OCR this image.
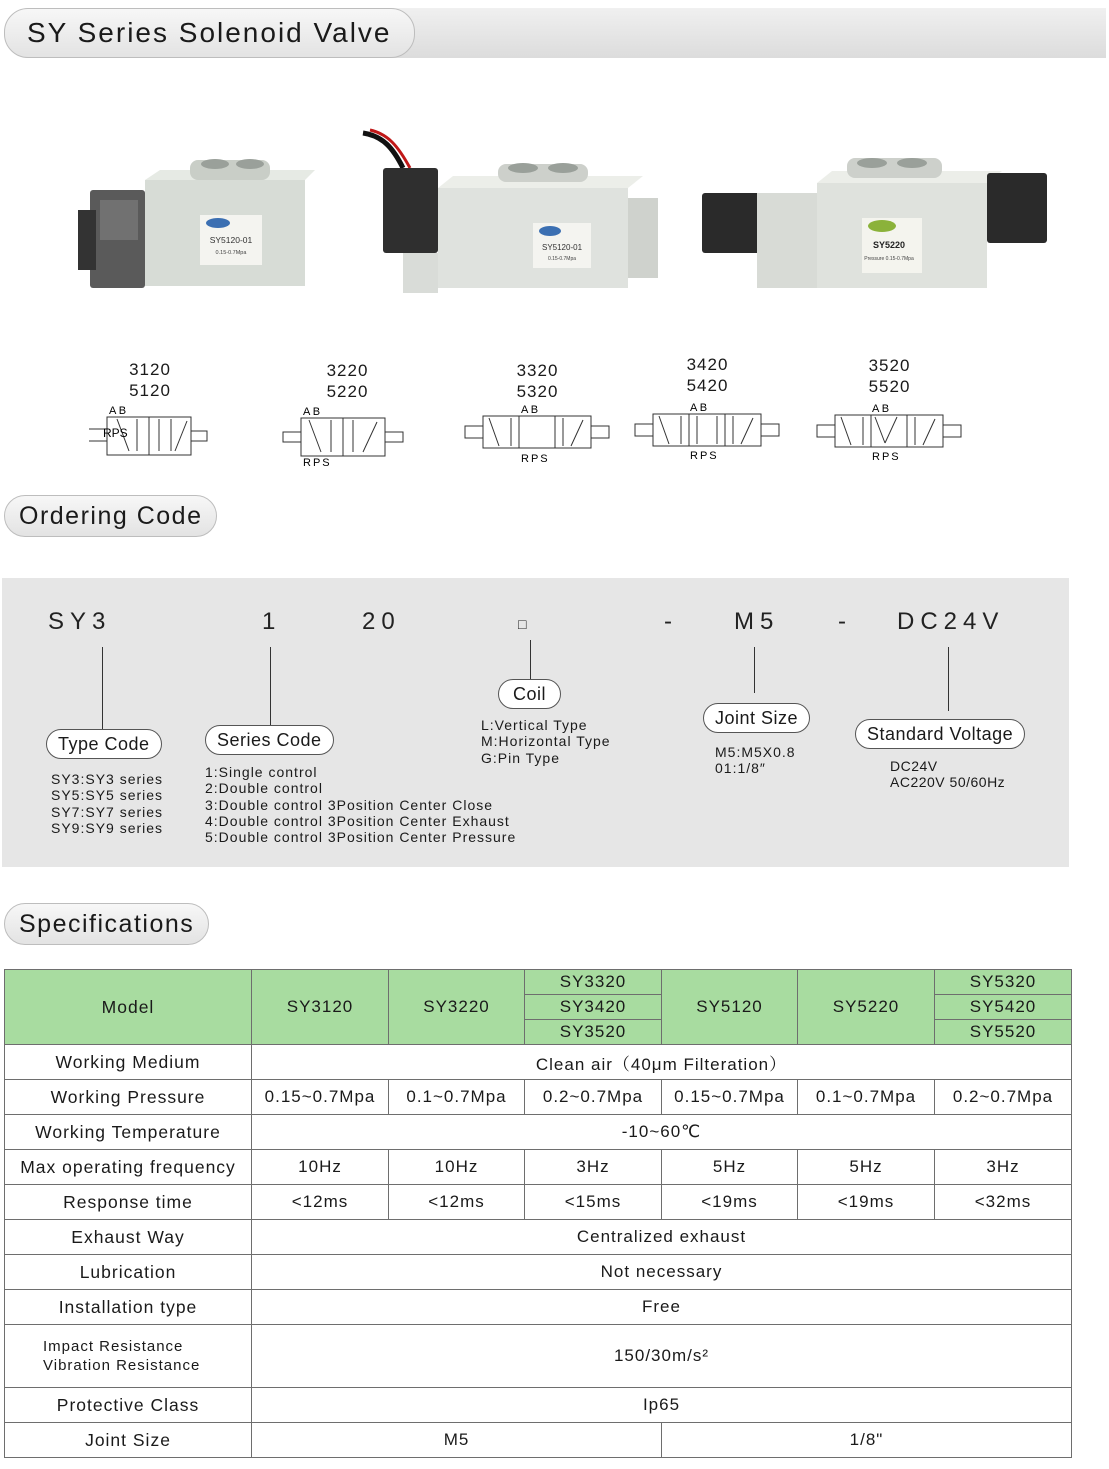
SY Series Solenoid Valve
SY5120-01
0.15-0.7Mpa
SY5120-01
0.15-0.7Mpa
SY5220
Pressure 0.15-0.7Mpa
3120
5120
A B
RPS
3220
5220
A B
RPS
3320
5320
A B
RPS
3420
5420
A B
RPS
3520
5520
A B
RPS
Ordering Code
SY3	1	20	□	- M5 - DC24V
Type Code	Series Code
Coil
Joint Size
Standard Voltage
SY3:SY3 series
SY5:SY5 series
SY7:SY7 series
SY9:SY9 series
1:Single control
2:Double control
3:Double control 3Position Center Close
4:Double control 3Position Center Exhaust
5:Double control 3Position Center Pressure
L:Vertical Type
M:Horizontal Type
G:Pin Type	M5:M5X0.8
01:1/8″	DC24V
AC220V 50/60Hz
Specifications
Model	SY3120	SY3220	SY3320	SY5120	SY5220	SY5320
			SY3420			SY5420
			SY3520			SY5520
Working Medium	Clean air（40μm Filteration）					
Working Pressure	0.15~0.7Mpa	0.1~0.7Mpa	0.2~0.7Mpa	0.15~0.7Mpa	0.1~0.7Mpa	0.2~0.7Mpa
Working Temperature	-10~60℃					
Max operating frequency	10Hz	10Hz	3Hz	5Hz	5Hz	3Hz
Response time	<12ms	<12ms	<15ms	<19ms	<19ms	<32ms
Exhaust Way	Centralized exhaust					
Lubrication	Not necessary					
Installation type	Free					

Impact Resistance
Vibration Resistance	150/30m/s²					
Protective Class	Ip65					
Joint Size	M5			1/8"		
